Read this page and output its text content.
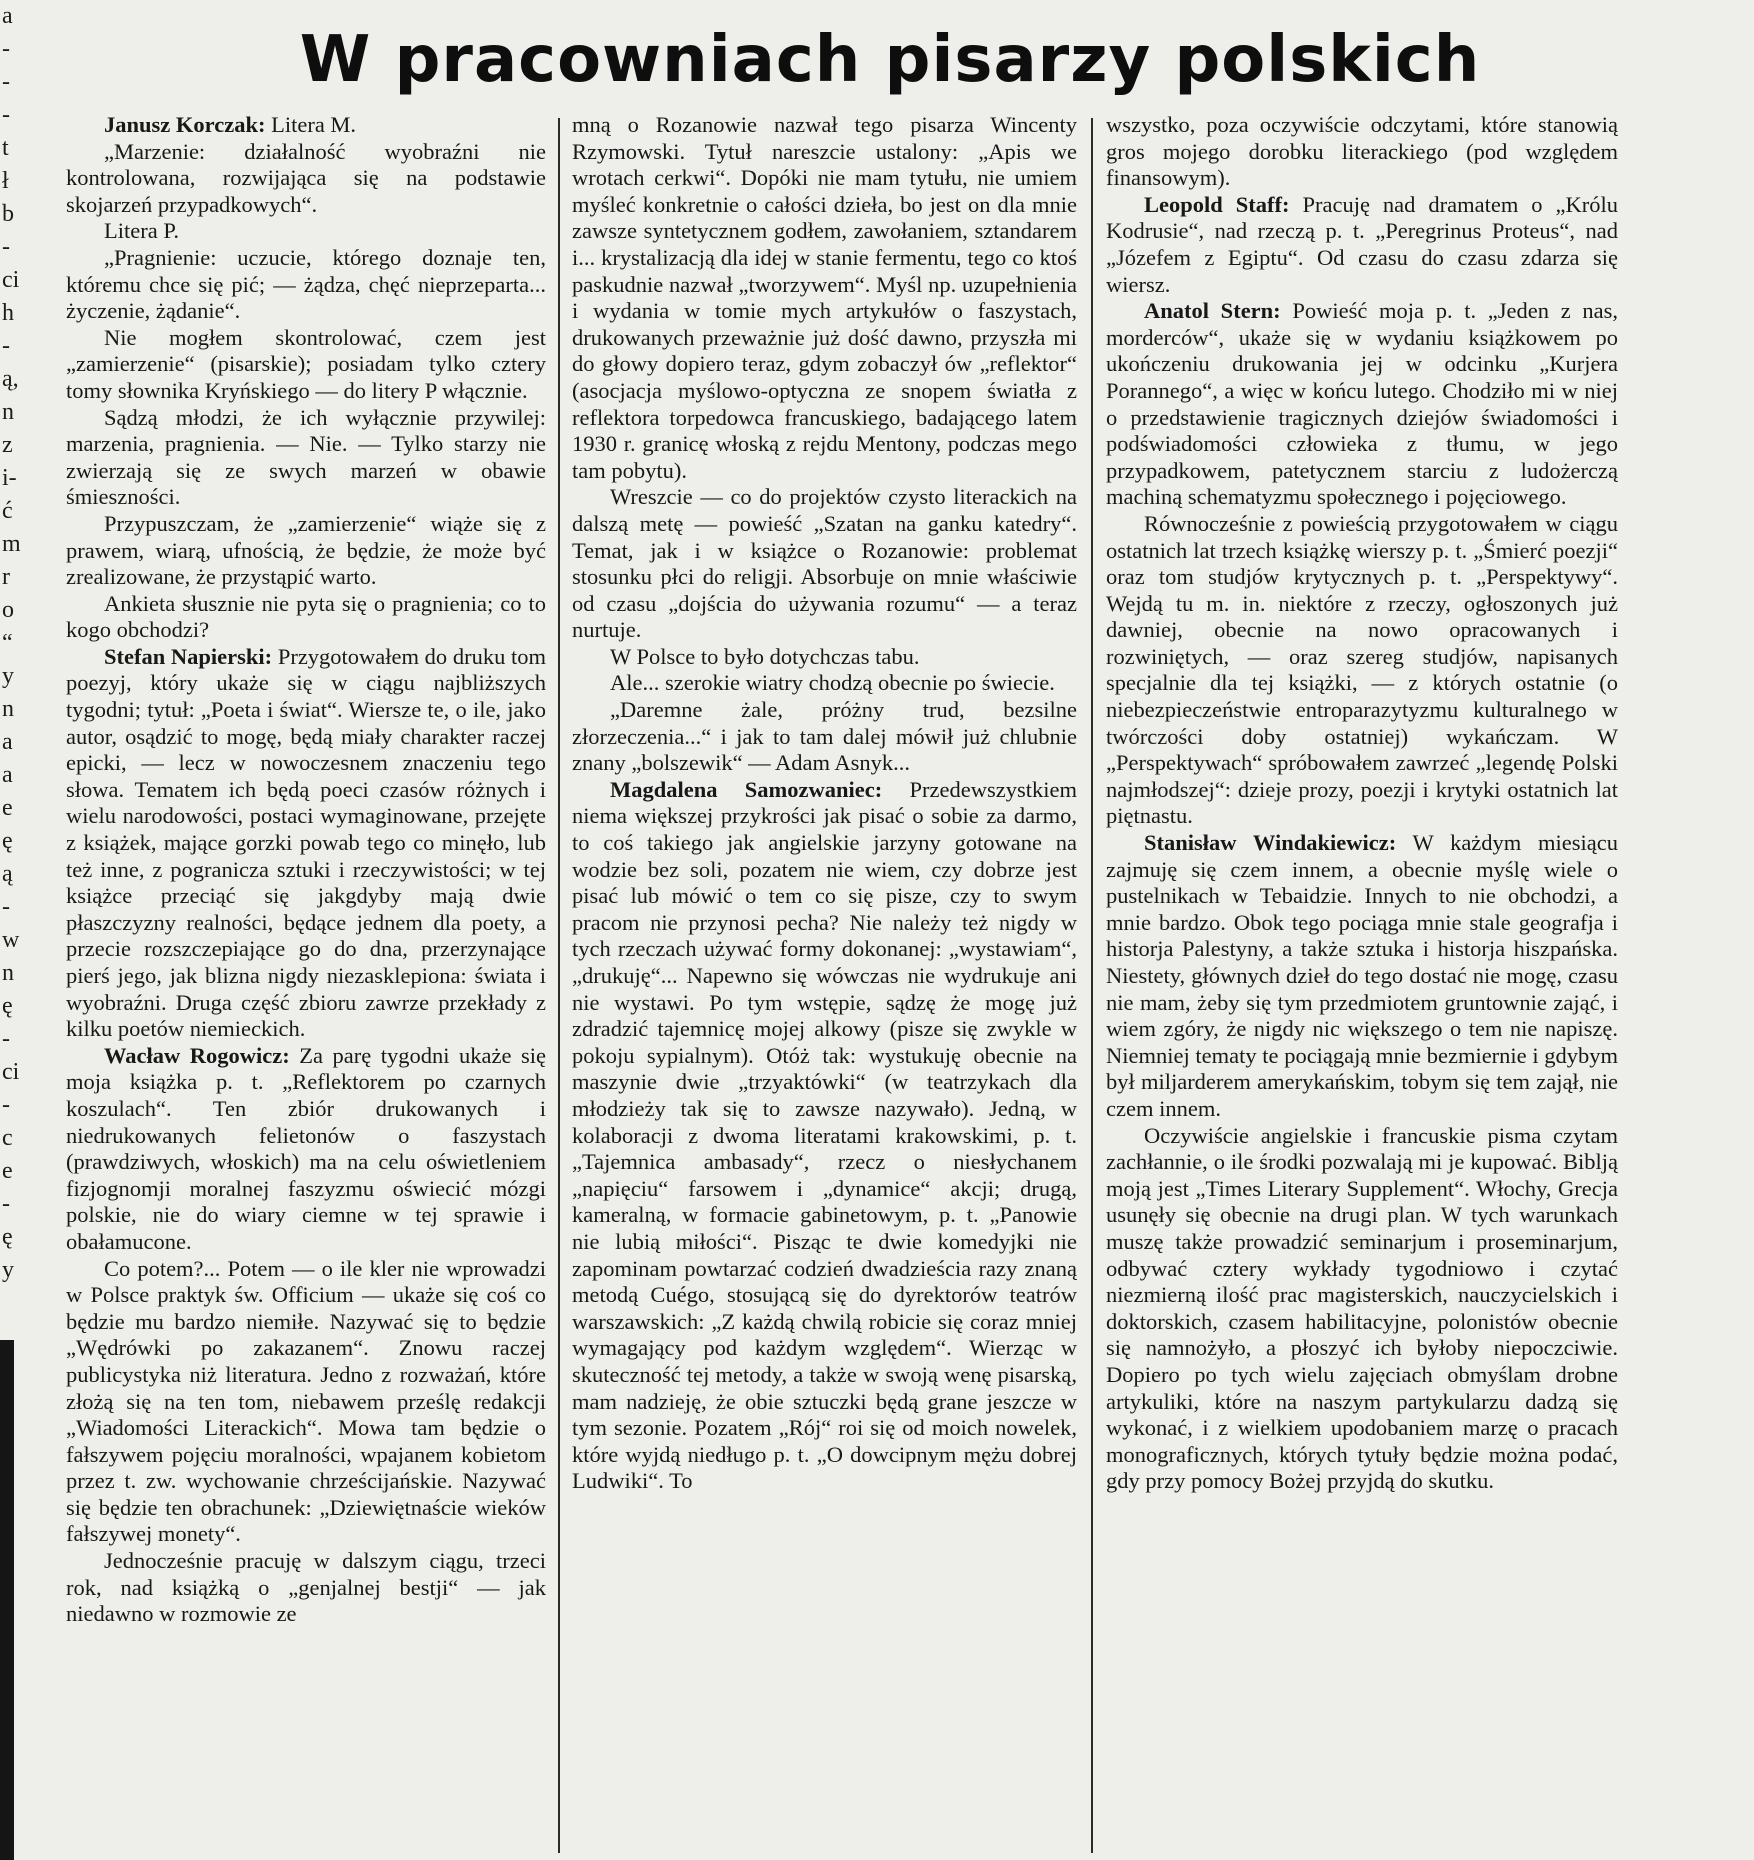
a
-
-
-
t
ł
b
-
ci
h
-
ą,
n
z
i-
ć
m
r
o
“
y
n
a
a
e
ę
ą
-
w
n
ę
-
ci
-
c
e
-
ę
y
W pracowniach pisarzy polskich

Janusz Korczak: Litera M.

„Marzenie: działalność wyobraźni nie kontrolowana, rozwijająca się na podstawie skojarzeń przypadkowych“.

Litera P.

„Pragnienie: uczucie, którego doznaje ten, któremu chce się pić; — żądza, chęć nieprzeparta... życzenie, żądanie“.

Nie mogłem skontrolować, czem jest „zamierzenie“ (pisarskie); posiadam tylko cztery tomy słownika Kryńskiego — do litery P włącznie.

Sądzą młodzi, że ich wyłącznie przywilej: marzenia, pragnienia. — Nie. — Tylko starzy nie zwierzają się ze swych marzeń w obawie śmieszności.

Przypuszczam, że „zamierzenie“ wiąże się z prawem, wiarą, ufnością, że będzie, że może być zrealizowane, że przystąpić warto.

Ankieta słusznie nie pyta się o pragnienia; co to kogo obchodzi?

Stefan Napierski: Przygotowałem do druku tom poezyj, który ukaże się w ciągu najbliższych tygodni; tytuł: „Poeta i świat“. Wiersze te, o ile, jako autor, osądzić to mogę, będą miały charakter raczej epicki, — lecz w nowoczesnem znaczeniu tego słowa. Tematem ich będą poeci czasów różnych i wielu narodowości, postaci wymaginowane, przejęte z książek, mające gorzki powab tego co minęło, lub też inne, z pogranicza sztuki i rzeczywistości; w tej książce przeciąć się jakgdyby mają dwie płaszczyzny realności, będące jednem dla poety, a przecie rozszczepiające go do dna, przerzynające pierś jego, jak blizna nigdy niezasklepiona: świata i wyobraźni. Druga część zbioru zawrze przekłady z kilku poetów niemieckich.

Wacław Rogowicz: Za parę tygodni ukaże się moja książka p. t. „Reflektorem po czarnych koszulach“. Ten zbiór drukowanych i niedrukowanych felietonów o faszystach (prawdziwych, włoskich) ma na celu oświetleniem fizjognomji moralnej faszyzmu oświecić mózgi polskie, nie do wiary ciemne w tej sprawie i obałamucone.

Co potem?... Potem — o ile kler nie wprowadzi w Polsce praktyk św. Officium — ukaże się coś co będzie mu bardzo niemiłe. Nazywać się to będzie „Wędrówki po zakazanem“. Znowu raczej publicystyka niż literatura. Jedno z rozważań, które złożą się na ten tom, niebawem prześlę redakcji „Wiadomości Literackich“. Mowa tam będzie o fałszywem pojęciu moralności, wpajanem kobietom przez t. zw. wychowanie chrześcijańskie. Nazywać się będzie ten obrachunek: „Dziewiętnaście wieków fałszywej monety“.

Jednocześnie pracuję w dalszym ciągu, trzeci rok, nad książką o „genjalnej bestji“ — jak niedawno w rozmowie ze

mną o Rozanowie nazwał tego pisarza Wincenty Rzymowski. Tytuł nareszcie ustalony: „Apis we wrotach cerkwi“. Dopóki nie mam tytułu, nie umiem myśleć konkretnie o całości dzieła, bo jest on dla mnie zawsze syntetycznem godłem, zawołaniem, sztandarem i... krystalizacją dla idej w stanie fermentu, tego co ktoś paskudnie nazwał „tworzywem“. Myśl np. uzupełnienia i wydania w tomie mych artykułów o faszystach, drukowanych przeważnie już dość dawno, przyszła mi do głowy dopiero teraz, gdym zobaczył ów „reflektor“ (asocjacja myślowo-optyczna ze snopem światła z reflektora torpedowca francuskiego, badającego latem 1930 r. granicę włoską z rejdu Mentony, podczas mego tam pobytu).

Wreszcie — co do projektów czysto literackich na dalszą metę — powieść „Szatan na ganku katedry“. Temat, jak i w książce o Rozanowie: problemat stosunku płci do religji. Absorbuje on mnie właściwie od czasu „dojścia do używania rozumu“ — a teraz nurtuje.

W Polsce to było dotychczas tabu.

Ale... szerokie wiatry chodzą obecnie po świecie.

„Daremne żale, próżny trud, bezsilne złorzeczenia...“ i jak to tam dalej mówił już chlubnie znany „bolszewik“ — Adam Asnyk...

Magdalena Samozwaniec: Przedewszystkiem niema większej przykrości jak pisać o sobie za darmo, to coś takiego jak angielskie jarzyny gotowane na wodzie bez soli, pozatem nie wiem, czy dobrze jest pisać lub mówić o tem co się pisze, czy to swym pracom nie przynosi pecha? Nie należy też nigdy w tych rzeczach używać formy dokonanej: „wystawiam“, „drukuję“... Napewno się wówczas nie wydrukuje ani nie wystawi. Po tym wstępie, sądzę że mogę już zdradzić tajemnicę mojej alkowy (pisze się zwykle w pokoju sypialnym). Otóż tak: wystukuję obecnie na maszynie dwie „trzyaktówki“ (w teatrzykach dla młodzieży tak się to zawsze nazywało). Jedną, w kolaboracji z dwoma literatami krakowskimi, p. t. „Tajemnica ambasady“, rzecz o niesłychanem „napięciu“ farsowem i „dynamice“ akcji; drugą, kameralną, w formacie gabinetowym, p. t. „Panowie nie lubią miłości“. Pisząc te dwie komedyjki nie zapominam powtarzać codzień dwadzieścia razy znaną metodą Cuégo, stosującą się do dyrektorów teatrów warszawskich: „Z każdą chwilą robicie się coraz mniej wymagający pod każdym względem“. Wierząc w skuteczność tej metody, a także w swoją wenę pisarską, mam nadzieję, że obie sztuczki będą grane jeszcze w tym sezonie. Pozatem „Rój“ roi się od moich nowelek, które wyjdą niedługo p. t. „O dowcipnym mężu dobrej Ludwiki“. To

wszystko, poza oczywiście odczytami, które stanowią gros mojego dorobku literackiego (pod względem finansowym).

Leopold Staff: Pracuję nad dramatem o „Królu Kodrusie“, nad rzeczą p. t. „Peregrinus Proteus“, nad „Józefem z Egiptu“. Od czasu do czasu zdarza się wiersz.

Anatol Stern: Powieść moja p. t. „Jeden z nas, morderców“, ukaże się w wydaniu książkowem po ukończeniu drukowania jej w odcinku „Kurjera Porannego“, a więc w końcu lutego. Chodziło mi w niej o przedstawienie tragicznych dziejów świadomości i podświadomości człowieka z tłumu, w jego przypadkowem, patetycznem starciu z ludożerczą machiną schematyzmu społecznego i pojęciowego.

Równocześnie z powieścią przygotowałem w ciągu ostatnich lat trzech książkę wierszy p. t. „Śmierć poezji“ oraz tom studjów krytycznych p. t. „Perspektywy“. Wejdą tu m. in. niektóre z rzeczy, ogłoszonych już dawniej, obecnie na nowo opracowanych i rozwiniętych, — oraz szereg studjów, napisanych specjalnie dla tej książki, — z których ostatnie (o niebezpieczeństwie entroparazytyzmu kulturalnego w twórczości doby ostatniej) wykańczam. W „Perspektywach“ spróbowałem zawrzeć „legendę Polski najmłodszej“: dzieje prozy, poezji i krytyki ostatnich lat piętnastu.

Stanisław Windakiewicz: W każdym miesiącu zajmuję się czem innem, a obecnie myślę wiele o pustelnikach w Tebaidzie. Innych to nie obchodzi, a mnie bardzo. Obok tego pociąga mnie stale geografja i historja Palestyny, a także sztuka i historja hiszpańska. Niestety, głównych dzieł do tego dostać nie mogę, czasu nie mam, żeby się tym przedmiotem gruntownie zająć, i wiem zgóry, że nigdy nic większego o tem nie napiszę. Niemniej tematy te pociągają mnie bezmiernie i gdybym był miljarderem amerykańskim, tobym się tem zajął, nie czem innem.

Oczywiście angielskie i francuskie pisma czytam zachłannie, o ile środki pozwalają mi je kupować. Biblją moją jest „Times Literary Supplement“. Włochy, Grecja usunęły się obecnie na drugi plan. W tych warunkach muszę także prowadzić seminarjum i proseminarjum, odbywać cztery wykłady tygodniowo i czytać niezmierną ilość prac magisterskich, nauczycielskich i doktorskich, czasem habilitacyjne, polonistów obecnie się namnożyło, a płoszyć ich byłoby niepoczciwie. Dopiero po tych wielu zajęciach obmyślam drobne artykuliki, które na naszym partykularzu dadzą się wykonać, i z wielkiem upodobaniem marzę o pracach monograficznych, których tytuły będzie można podać, gdy przy pomocy Bożej przyjdą do skutku.
